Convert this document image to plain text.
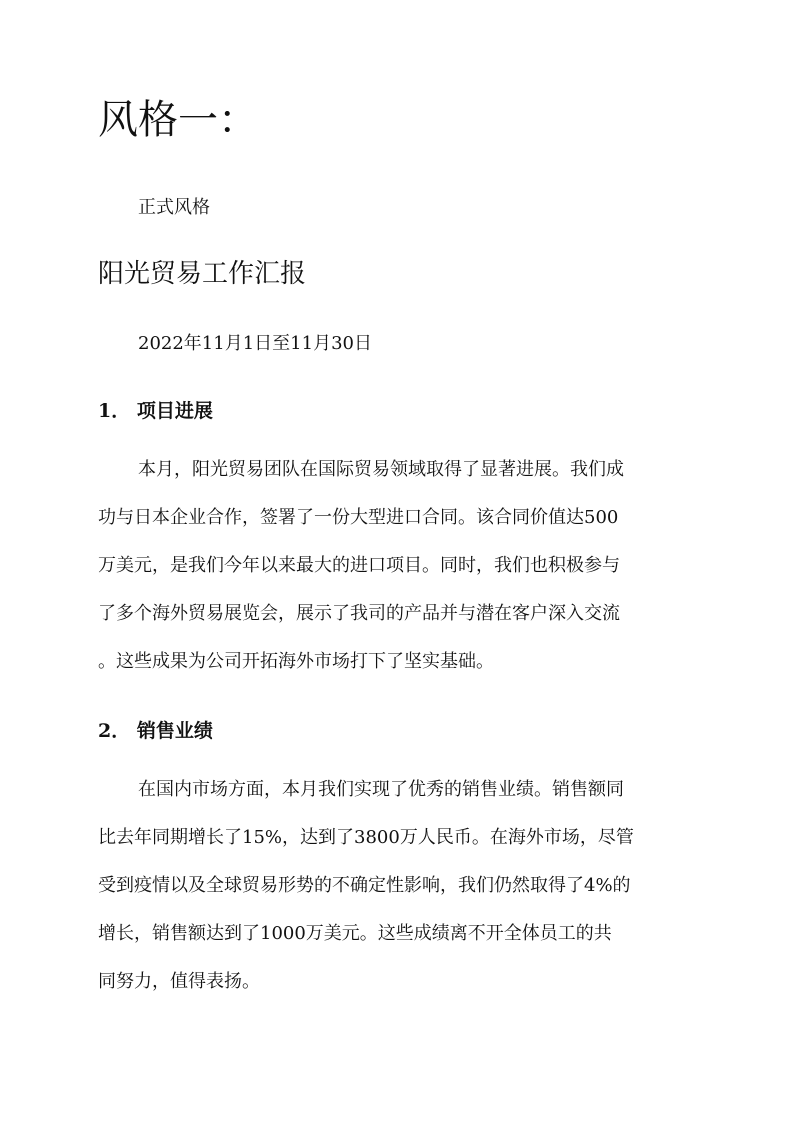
风格一：

正式风格

阳光贸易工作汇报

2022年11月1日至11月30日

1． 项目进展
本月，阳光贸易团队在国际贸易领域取得了显著进展。我们成
功与日本企业合作，签署了一份大型进口合同。该合同价值达500
万美元，是我们今年以来最大的进口项目。同时，我们也积极参与
了多个海外贸易展览会，展示了我司的产品并与潜在客户深入交流
。这些成果为公司开拓海外市场打下了坚实基础。
2． 销售业绩
在国内市场方面，本月我们实现了优秀的销售业绩。销售额同
比去年同期增长了15%，达到了3800万人民币。在海外市场，尽管
受到疫情以及全球贸易形势的不确定性影响，我们仍然取得了4%的
增长，销售额达到了1000万美元。这些成绩离不开全体员工的共
同努力，值得表扬。
